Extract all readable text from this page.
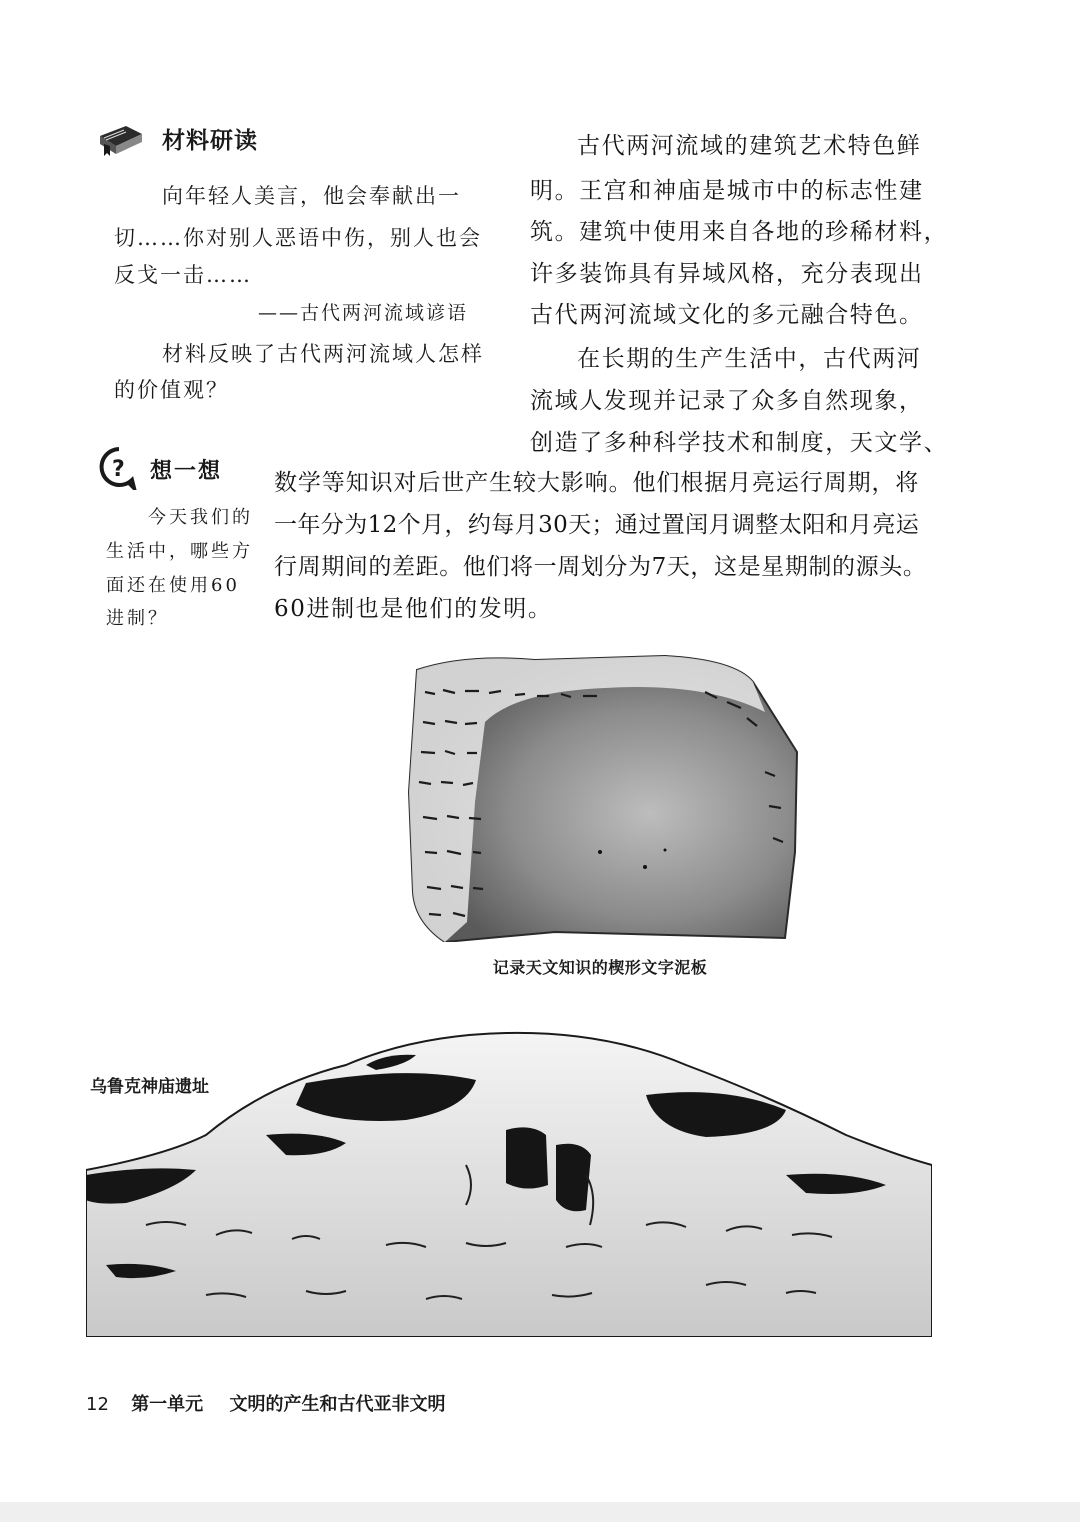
材料研读
向年轻人美言，他会奉献出一
切……你对别人恶语中伤，别人也会
反戈一击……
——古代两河流域谚语
材料反映了古代两河流域人怎样
的价值观？
? 想一想
今天我们的
生活中，哪些方
面还在使用60
进制？
古代两河流域的建筑艺术特色鲜
明。王宫和神庙是城市中的标志性建
筑。建筑中使用来自各地的珍稀材料，
许多装饰具有异域风格，充分表现出
古代两河流域文化的多元融合特色。
在长期的生产生活中，古代两河
流域人发现并记录了众多自然现象，
创造了多种科学技术和制度，天文学、
数学等知识对后世产生较大影响。他们根据月亮运行周期，将
一年分为12个月，约每月30天；通过置闰月调整太阳和月亮运
行周期间的差距。他们将一周划分为7天，这是星期制的源头。
60进制也是他们的发明。
记录天文知识的楔形文字泥板
乌鲁克神庙遗址
12 第一单元 文明的产生和古代亚非文明
